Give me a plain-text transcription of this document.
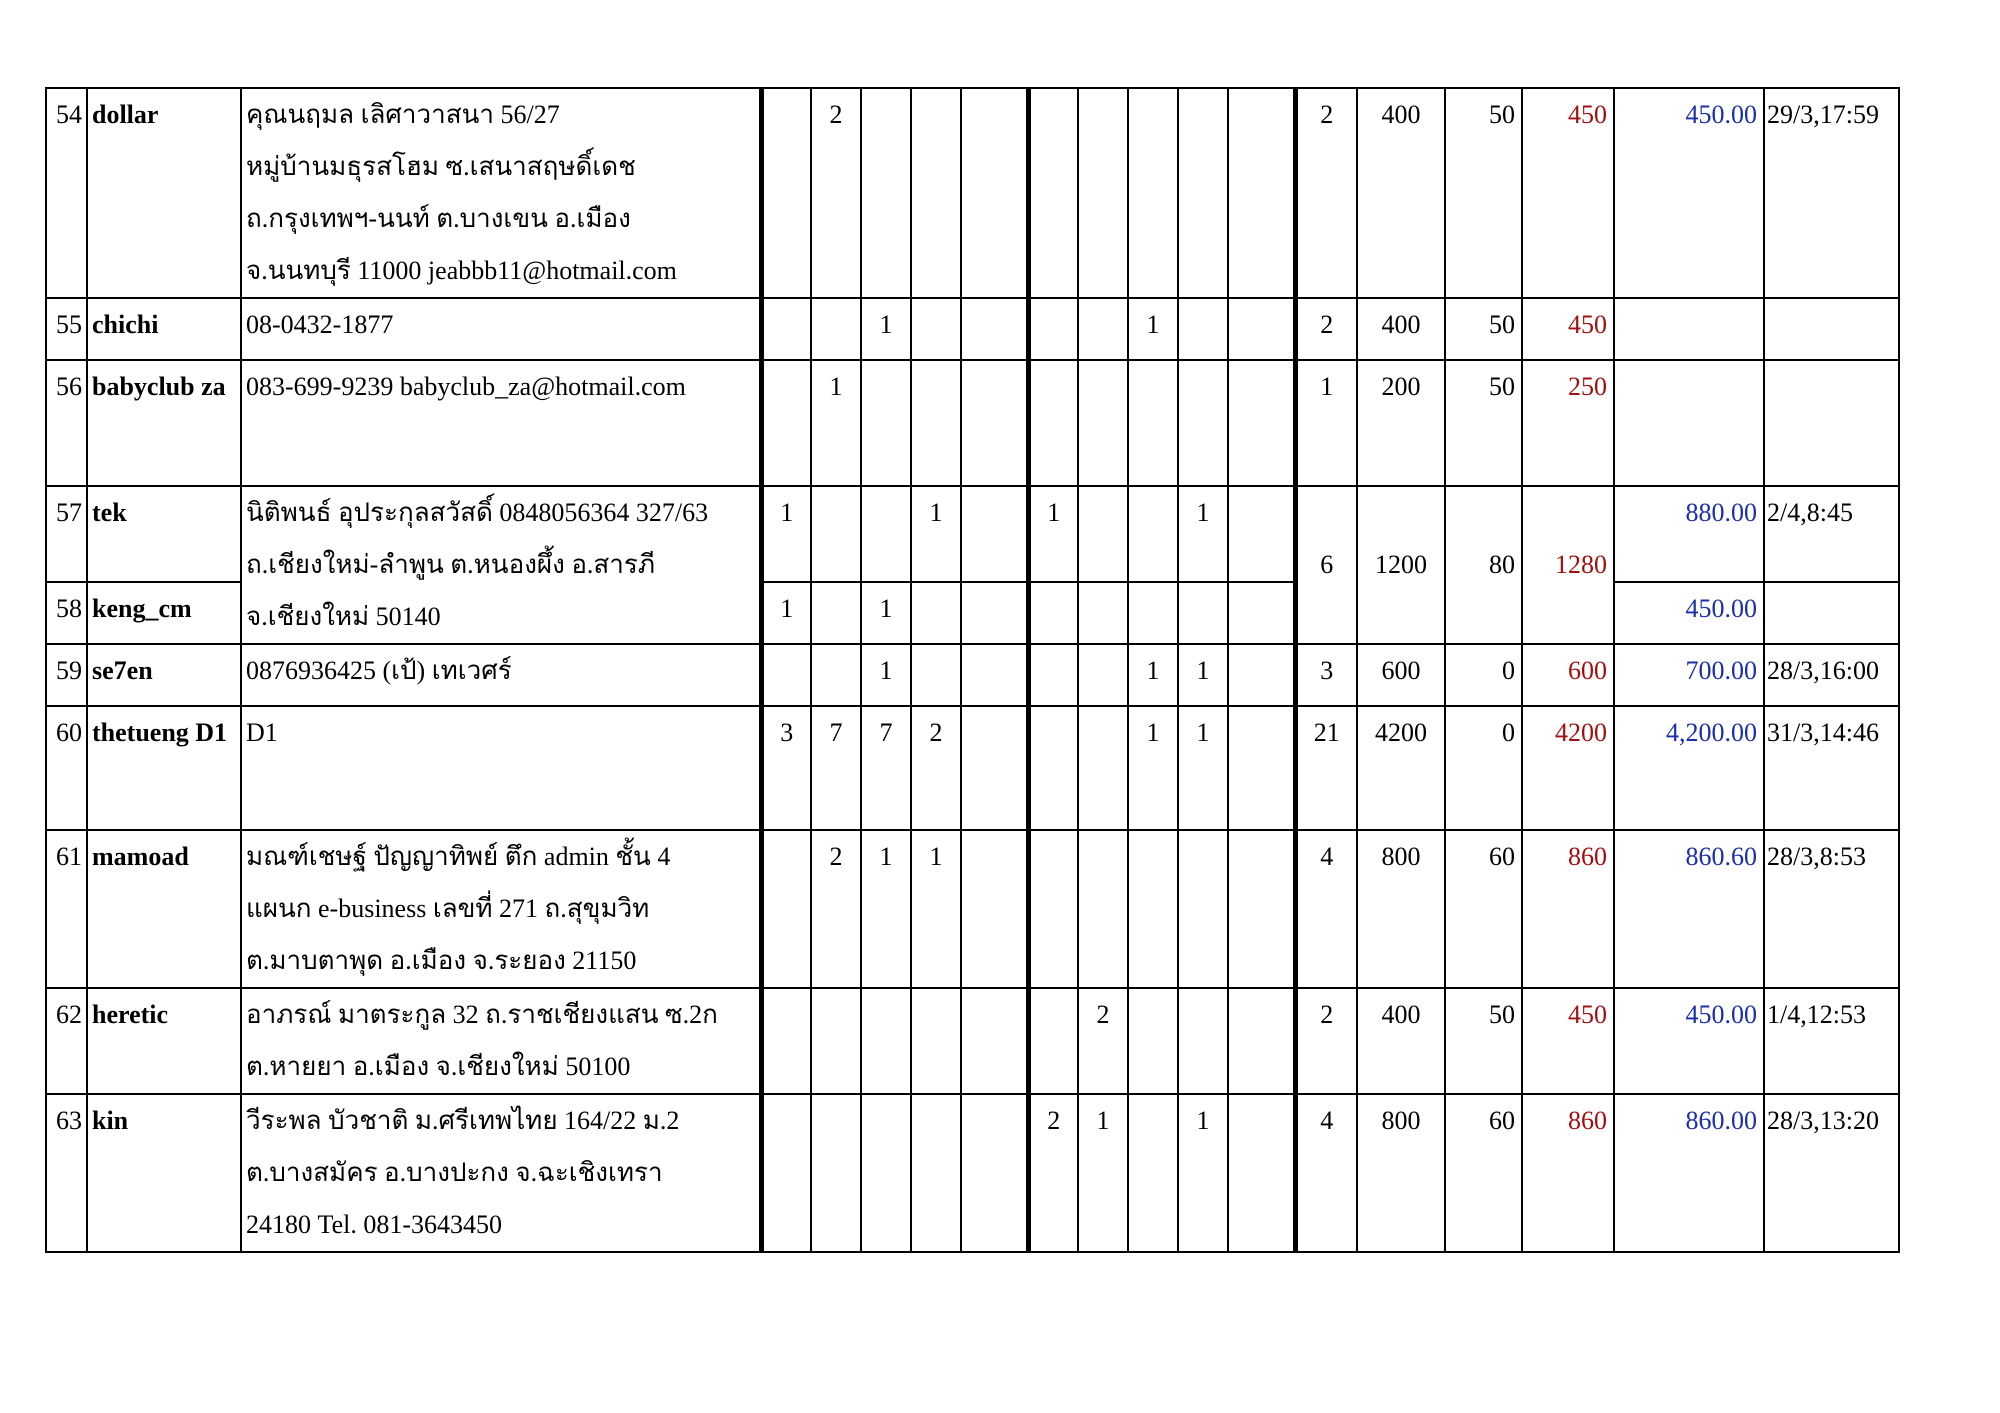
54	dollar	คุณนฤมล เลิศาวาสนา 56/27
หมู่บ้านมธุรสโฮม ซ.เสนาสฤษดิ์เดช
ถ.กรุงเทพฯ-นนท์ ต.บางเขน อ.เมือง
จ.นนทบุรี 11000 jeabbb11@hotmail.com		2									2	400	50	450	450.00	29/3,17:59
55	chichi	08-0432-1877			1					1			2	400	50	450		
56	babyclub za	083-699-9239 babyclub_za@hotmail.com		1									1	200	50	250		
57	tek	นิติพนธ์ อุประกุลสวัสดิ์ 0848056364 327/63
ถ.เชียงใหม่-ลำพูน ต.หนองผึ้ง อ.สารภี
จ.เชียงใหม่ 50140	1			1		1			1		6	1200	80	1280	880.00	2/4,8:45
58	keng_cm		1		1												450.00	
59	se7en	0876936425 (เป้) เทเวศร์			1					1	1		3	600	0	600	700.00	28/3,16:00
60	thetueng D1	D1	3	7	7	2				1	1		21	4200	0	4200	4,200.00	31/3,14:46
61	mamoad	มณฑ์เชษฐ์ ปัญญาทิพย์ ตึก admin ชั้น 4
แผนก e-business เลขที่ 271 ถ.สุขุมวิท
ต.มาบตาพุด อ.เมือง จ.ระยอง 21150		2	1	1							4	800	60	860	860.60	28/3,8:53
62	heretic	อาภรณ์ มาตระกูล 32 ถ.ราชเชียงแสน ซ.2ก
ต.หายยา อ.เมือง จ.เชียงใหม่ 50100							2				2	400	50	450	450.00	1/4,12:53
63	kin	วีระพล บัวชาติ ม.ศรีเทพไทย 164/22 ม.2
ต.บางสมัคร อ.บางปะกง จ.ฉะเชิงเทรา
24180 Tel. 081-3643450						2	1		1		4	800	60	860	860.00	28/3,13:20
